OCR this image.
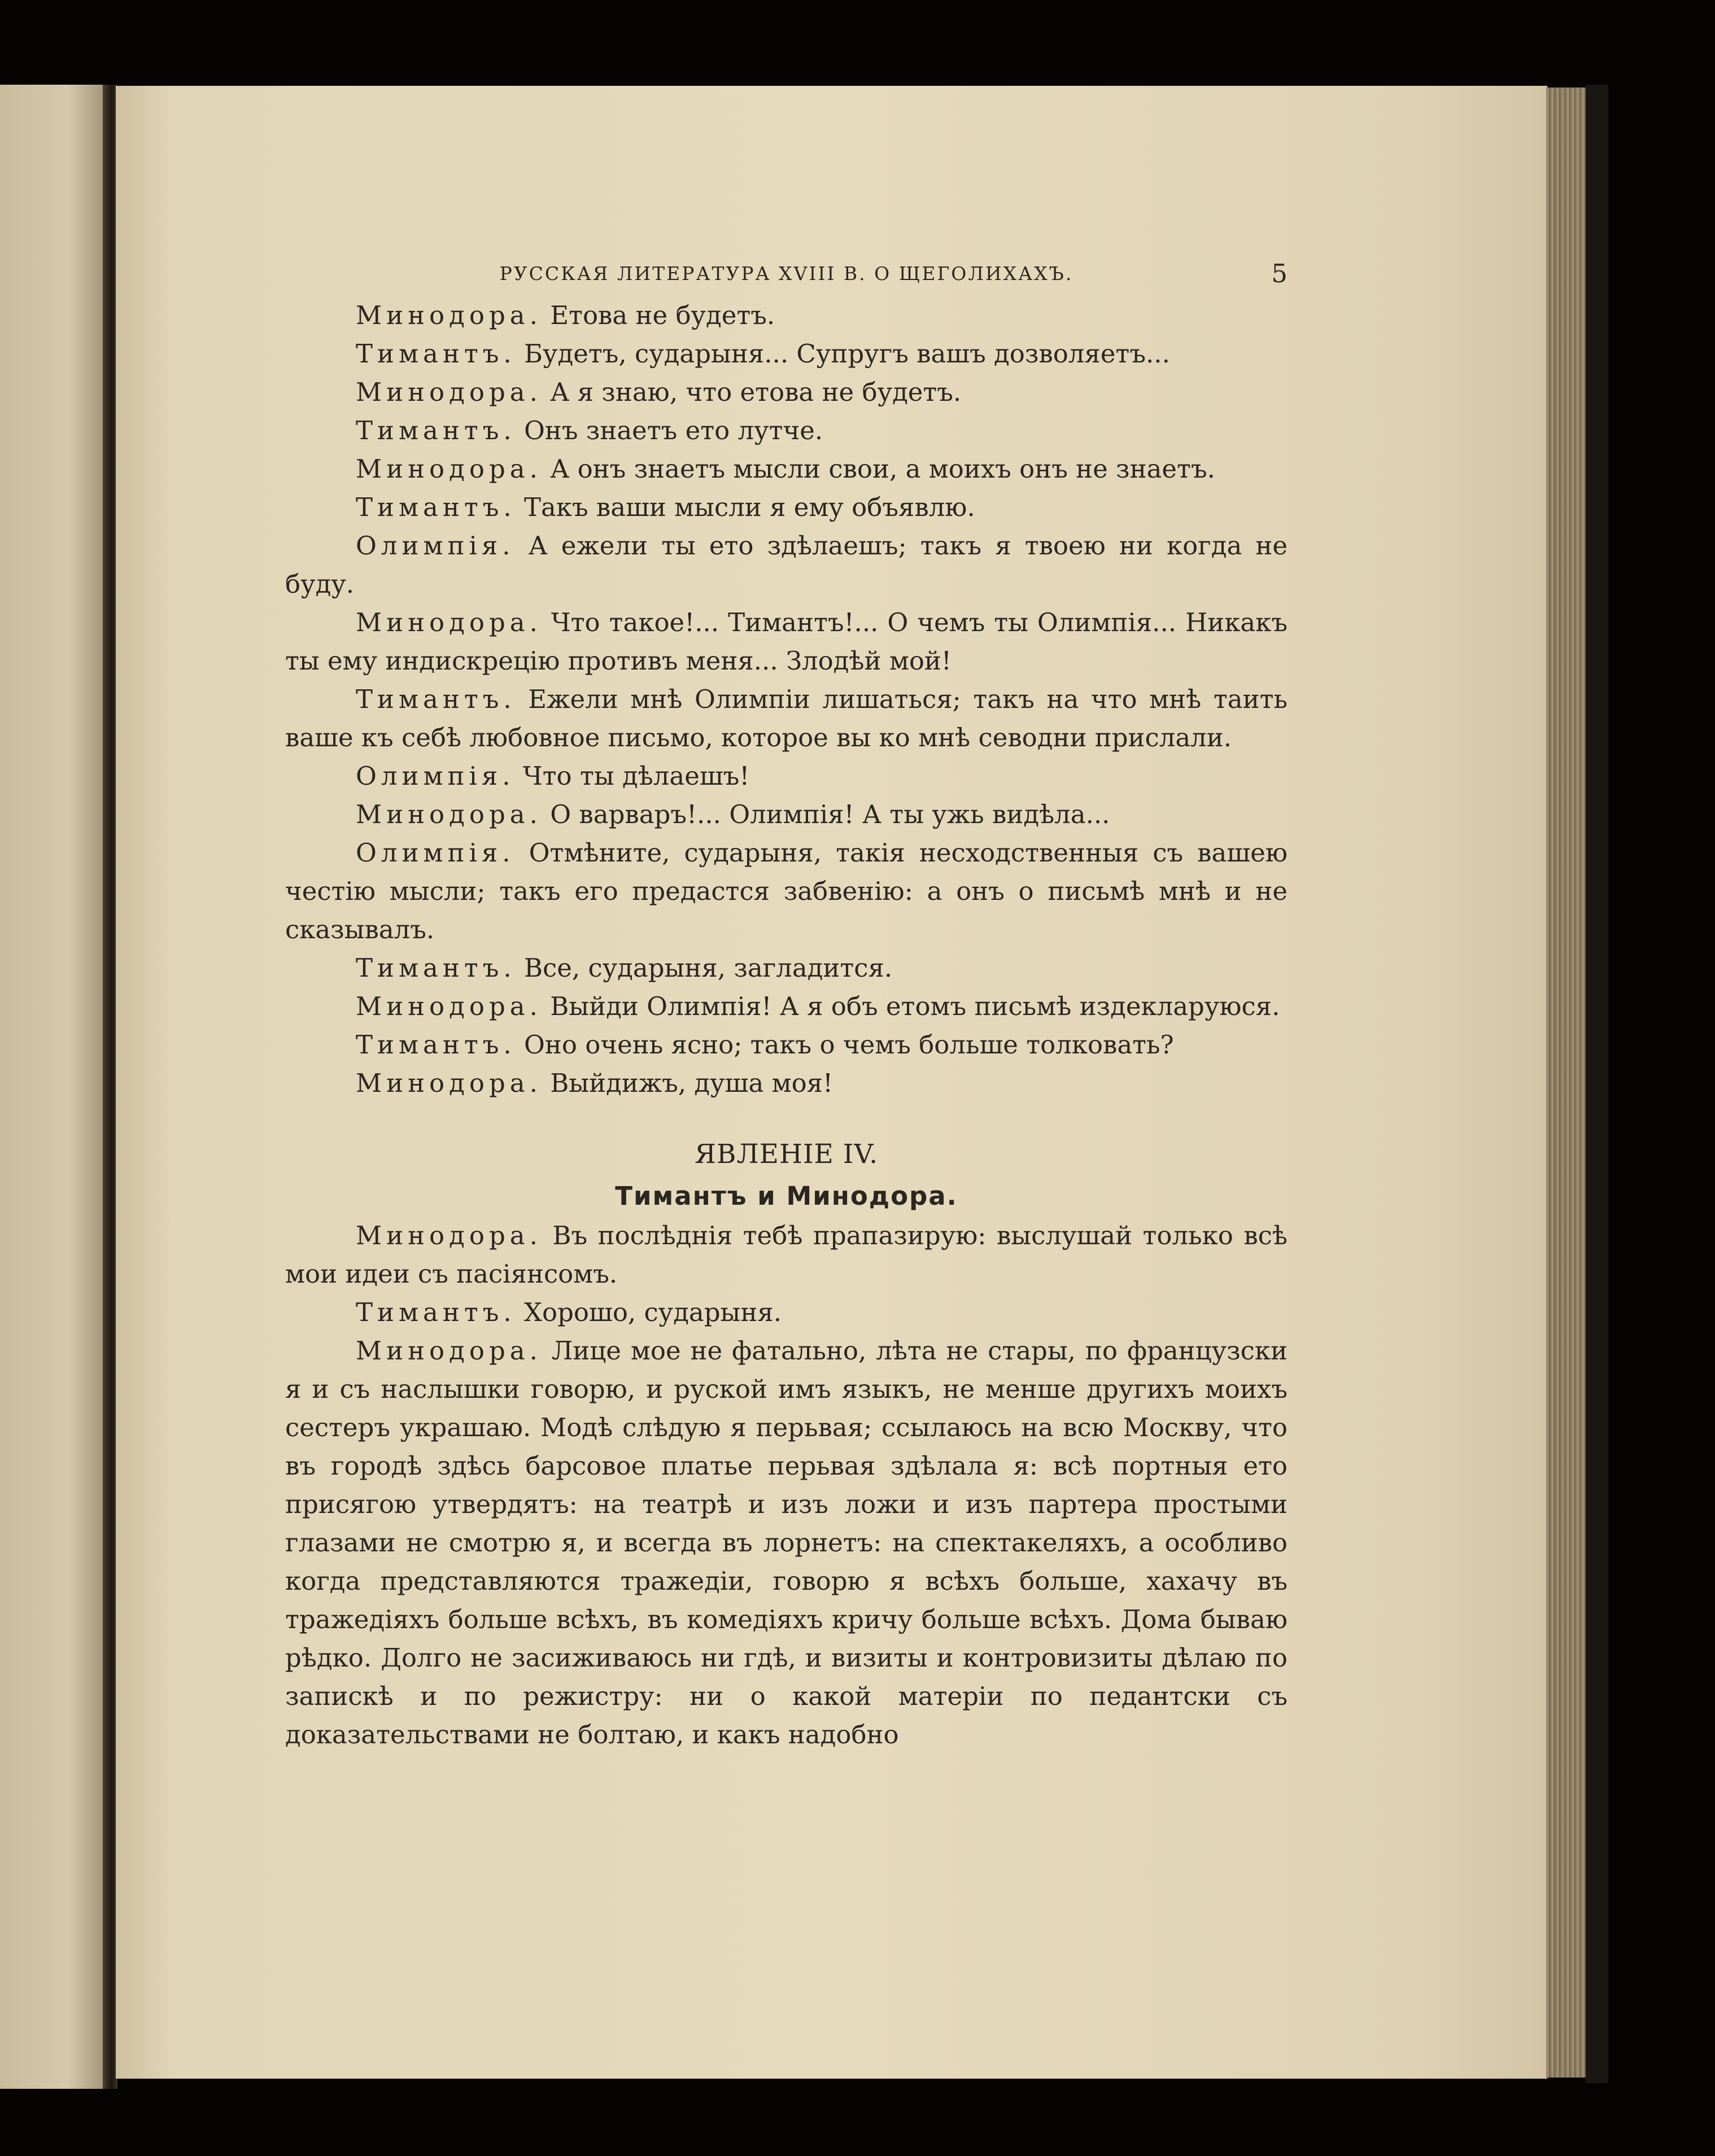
РУССКАЯ ЛИТЕРАТУРА XVIII В. О ЩЕГОЛИХАХЪ.	5

Минодора. Етова не будетъ.

Тимантъ. Будетъ, сударыня... Супругъ вашъ дозволяетъ...

Минодора. А я знаю, что етова не будетъ.

Тимантъ. Онъ знаетъ ето лутче.

Минодора. А онъ знаетъ мысли свои, а моихъ онъ не знаетъ.

Тимантъ. Такъ ваши мысли я ему объявлю.

Олимпія. А ежели ты ето здѣлаешъ; такъ я твоею ни когда не буду.

Минодора. Что такое!... Тимантъ!... О чемъ ты Олимпія... Никакъ ты ему индискрецію противъ меня... Злодѣй мой!

Тимантъ. Ежели мнѣ Олимпіи лишаться; такъ на что мнѣ таить ваше къ себѣ любовное письмо, которое вы ко мнѣ севодни прислали.

Олимпія. Что ты дѣлаешъ!

Минодора. О варваръ!... Олимпія! А ты ужь видѣла...

Олимпія. Отмѣните, сударыня, такія несходственныя съ вашею честію мысли; такъ его предастся забвенію: а онъ о письмѣ мнѣ и не сказывалъ.

Тимантъ. Все, сударыня, загладится.

Минодора. Выйди Олимпія! А я объ етомъ письмѣ издекларуюся.

Тимантъ. Оно очень ясно; такъ о чемъ больше толковать?

Минодора. Выйдижъ, душа моя!

ЯВЛЕНІЕ IV.
Тимантъ и Минодора.

Минодора. Въ послѣднія тебѣ прапазирую: выслушай только всѣ мои идеи съ пасіянсомъ.

Тимантъ. Хорошо, сударыня.

Минодора. Лице мое не фатально, лѣта не стары, по французски я и съ наслышки говорю, и руской имъ языкъ, не менше другихъ моихъ сестеръ украшаю. Модѣ слѣдую я перьвая; ссылаюсь на всю Москву, что въ городѣ здѣсь барсовое платье перьвая здѣлала я: всѣ портныя ето присягою утвердятъ: на театрѣ и изъ ложи и изъ партера простыми глазами не смотрю я, и всегда въ лорнетъ: на спектакеляхъ, а особливо когда представляются тражедіи, говорю я всѣхъ больше, хахачу въ тражедіяхъ больше всѣхъ, въ комедіяхъ кричу больше всѣхъ. Дома бываю рѣдко. Долго не засиживаюсь ни гдѣ, и визиты и контровизиты дѣлаю по запискѣ и по режистру: ни о какой матеріи по педантски съ доказательствами не болтаю, и какъ надобно
